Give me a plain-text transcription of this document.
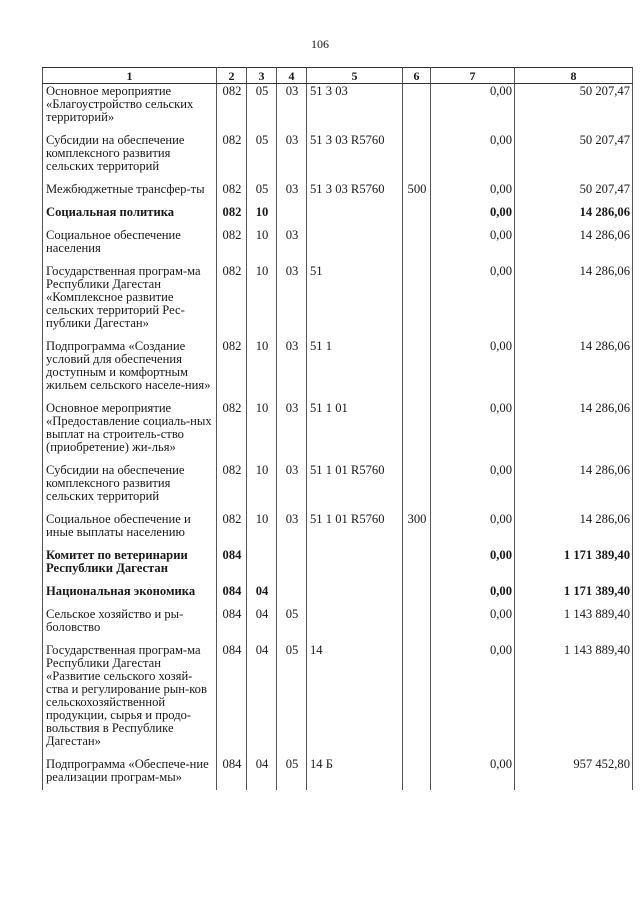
106
1	2	3	4	5	6	7	8
Основное мероприятие «Благоустройство сельских территорий»	082	05	03	51 3 03		0,00	50 207,47
Субсидии на обеспечение комплексного развития сельских территорий	082	05	03	51 3 03 R5760		0,00	50 207,47
Межбюджетные трансфер-ты	082	05	03	51 3 03 R5760	500	0,00	50 207,47
Социальная политика	082	10				0,00	14 286,06
Социальное обеспечение населения	082	10	03			0,00	14 286,06
Государственная програм-ма Республики Дагестан «Комплексное развитие сельских территорий Рес-публики Дагестан»	082	10	03	51		0,00	14 286,06
Подпрограмма «Создание условий для обеспечения доступным и комфортным жильем сельского населе-ния»	082	10	03	51 1		0,00	14 286,06
Основное мероприятие «Предоставление социаль-ных выплат на строитель-ство (приобретение) жи-лья»	082	10	03	51 1 01		0,00	14 286,06
Субсидии на обеспечение комплексного развития сельских территорий	082	10	03	51 1 01 R5760		0,00	14 286,06
Социальное обеспечение и иные выплаты населению	082	10	03	51 1 01 R5760	300	0,00	14 286,06
Комитет по ветеринарии Республики Дагестан	084					0,00	1 171 389,40
Национальная экономика	084	04				0,00	1 171 389,40
Сельское хозяйство и ры-боловство	084	04	05			0,00	1 143 889,40
Государственная програм-ма Республики Дагестан «Развитие сельского хозяй-ства и регулирование рын-ков сельскохозяйственной продукции, сырья и продо-вольствия в Республике Дагестан»	084	04	05	14		0,00	1 143 889,40
Подпрограмма «Обеспече-ние реализации програм-мы»	084	04	05	14 Б		0,00	957 452,80
